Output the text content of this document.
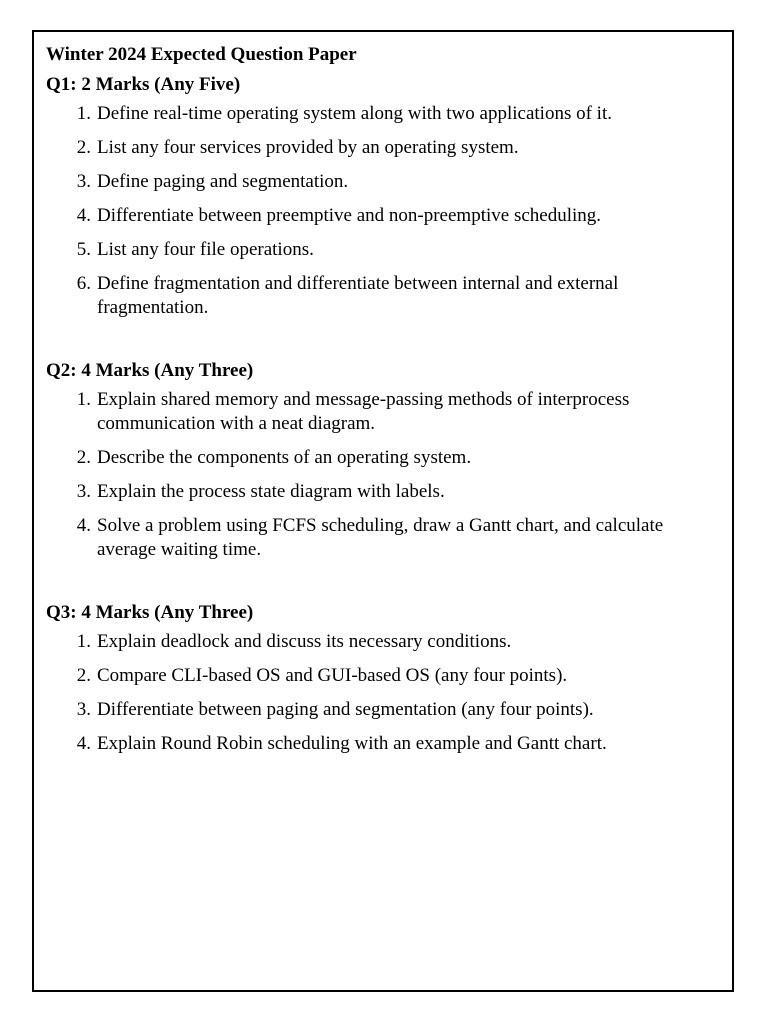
Winter 2024 Expected Question Paper
Q1: 2 Marks (Any Five)
1 . Define real-time operating system along with two applications of it.
2 . List any four services provided by an operating system.
3 . Define paging and segmentation.
4 . Differentiate between preemptive and non-preemptive scheduling.
5 . List any four file operations.
6 . Define fragmentation and differentiate between internal and external fragmentation.
Q2: 4 Marks (Any Three)
1 . Explain shared memory and message-passing methods of interprocess communication with a neat diagram.
2 . Describe the components of an operating system.
3 . Explain the process state diagram with labels.
4 . Solve a problem using FCFS scheduling, draw a Gantt chart, and calculate average waiting time.
Q3: 4 Marks (Any Three)
1 . Explain deadlock and discuss its necessary conditions.
2 . Compare CLI-based OS and GUI-based OS (any four points).
3 . Differentiate between paging and segmentation (any four points).
4 . Explain Round Robin scheduling with an example and Gantt chart.
